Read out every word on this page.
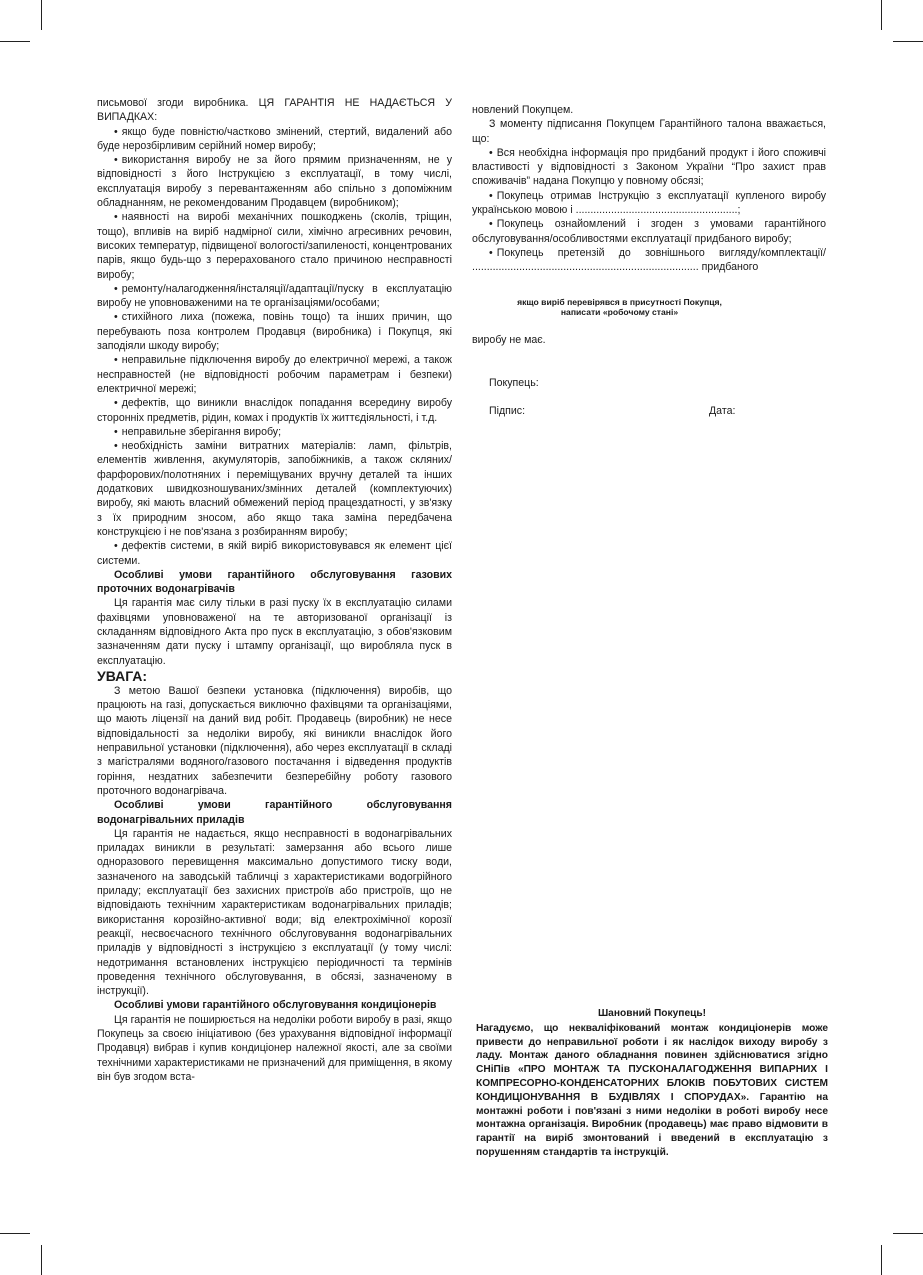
письмової згоди виробника. ЦЯ ГАРАНТІЯ НЕ НАДАЄТЬСЯ У ВИПАДКАХ:

• якщо буде повністю/частково змінений, стертий, видалений або буде нерозбірливим серійний номер виробу;

• використання виробу не за його прямим призначенням, не у відповідності з його Інструкцією з експлуатації, в тому числі, експлуатація виробу з перевантаженням або спільно з допоміжним обладнанням, не рекомендованим Продавцем (виробником);

• наявності на виробі механічних пошкоджень (сколів, тріщин, тощо), впливів на виріб надмірної сили, хімічно агресивних речовин, високих температур, підвищеної вологості/запиленості, концентрованих парів, якщо будь-що з перерахованого стало причиною несправності виробу;

• ремонту/налагодження/інсталяції/адаптації/пуску в експлуатацію виробу не уповноваженими на те організаціями/особами;

• стихійного лиха (пожежа, повінь тощо) та інших причин, що перебувають поза контролем Продавця (виробника) і Покупця, які заподіяли шкоду виробу;

• неправильне підключення виробу до електричної мережі, а також несправностей (не відповідності робочим параметрам і безпеки) електричної мережі;

• дефектів, що виникли внаслідок попадання всередину виробу сторонніх предметів, рідин, комах і продуктів їх життєдіяльності, і т.д.

• неправильне зберігання виробу;

• необхідність заміни витратних матеріалів: ламп, фільтрів, елементів живлення, акумуляторів, запобіжників, а також скляних/фарфорових/полотняних і переміщуваних вручну деталей та інших додаткових швидкозношуваних/змінних деталей (комплектуючих) виробу, які мають власний обмежений період працездатності, у зв'язку з їх природним зносом, або якщо така заміна передбачена конструкцією і не пов'язана з розбиранням виробу;

• дефектів системи, в якій виріб використовувався як елемент цієї системи.

Особливі умови гарантійного обслуговування газових проточних водонагрівачів

Ця гарантія має силу тільки в разі пуску їх в експлуатацію силами фахівцями уповноваженої на те авторизованої організації із складанням відповідного Акта про пуск в експлуатацію, з обов'язковим зазначенням дати пуску і штампу організації, що виробляла пуск в експлуатацію.

УВАГА:

З метою Вашої безпеки установка (підключення) виробів, що працюють на газі, допускається виключно фахівцями та організаціями, що мають ліцензії на даний вид робіт. Продавець (виробник) не несе відповідальності за недоліки виробу, які виникли внаслідок його неправильної установки (підключення), або через експлуатації в складі з магістралями водяного/газового постачання і відведення продуктів горіння, нездатних забезпечити безперебійну роботу газового проточного водонагрівача.

Особливі умови гарантійного обслуговування водонагрівальних приладів

Ця гарантія не надається, якщо несправності в водонагрівальних приладах виникли в результаті: замерзання або всього лише одноразового перевищення максимально допустимого тиску води, зазначеного на заводській табличці з характеристиками водогрійного приладу; експлуатації без захисних пристроїв або пристроїв, що не відповідають технічним характеристикам водонагрівальних приладів; використання корозійно-активної води; від електрохімічної корозії реакції, несвоєчасного технічного обслуговування водонагрівальних приладів у відповідності з інструкцією з експлуатації (у тому числі: недотримання встановлених інструкцією періодичності та термінів проведення технічного обслуговування, в обсязі, зазначеному в інструкції).

Особливі умови гарантійного обслуговування кондиціонерів

Ця гарантія не поширюється на недоліки роботи виробу в разі, якщо Покупець за своєю ініціативою (без урахування відповідної інформації Продавця) вибрав і купив кондиціонер належної якості, але за своїми технічними характеристиками не призначений для приміщення, в якому він був згодом вста-

новлений Покупцем.

З моменту підписання Покупцем Гарантійного талона вважається, що:

• Вся необхідна інформація про придбаний продукт і його споживчі властивості у відповідності з Законом України “Про захист прав споживачів” надана Покупцю у повному обсязі;

• Покупець отримав Інструкцію з експлуатації купленого виробу українською мовою і .......................................................;

• Покупець ознайомлений і згоден з умовами гарантійного обслуговування/особливостями експлуатації придбаного виробу;

• Покупець претензій до зовнішнього вигляду/комплектації/ ............................................................................. придбаного

якщо виріб перевірявся в присутності Покупця, написати «робочому стані»
виробу не має.
Покупець:
Підпис:	Дата:
Шановний Покупець!
Нагадуємо, що некваліфікований монтаж кондиціонерів може привести до неправильної роботи і як наслідок виходу виробу з ладу. Монтаж даного обладнання повинен здійснюватися згідно СНіПів «ПРО МОНТАЖ ТА ПУСКОНАЛАГОДЖЕННЯ ВИПАРНИХ І КОМПРЕСОРНО-КОНДЕНСАТОРНИХ БЛОКІВ ПОБУТОВИХ СИСТЕМ КОНДИЦІОНУВАННЯ В БУДІВЛЯХ І СПОРУДАХ». Гарантію на монтажні роботи і пов'язані з ними недоліки в роботі виробу несе монтажна організація. Виробник (продавець) має право відмовити в гарантії на виріб змонтований і введений в експлуатацію з порушенням стандартів та інструкцій.
